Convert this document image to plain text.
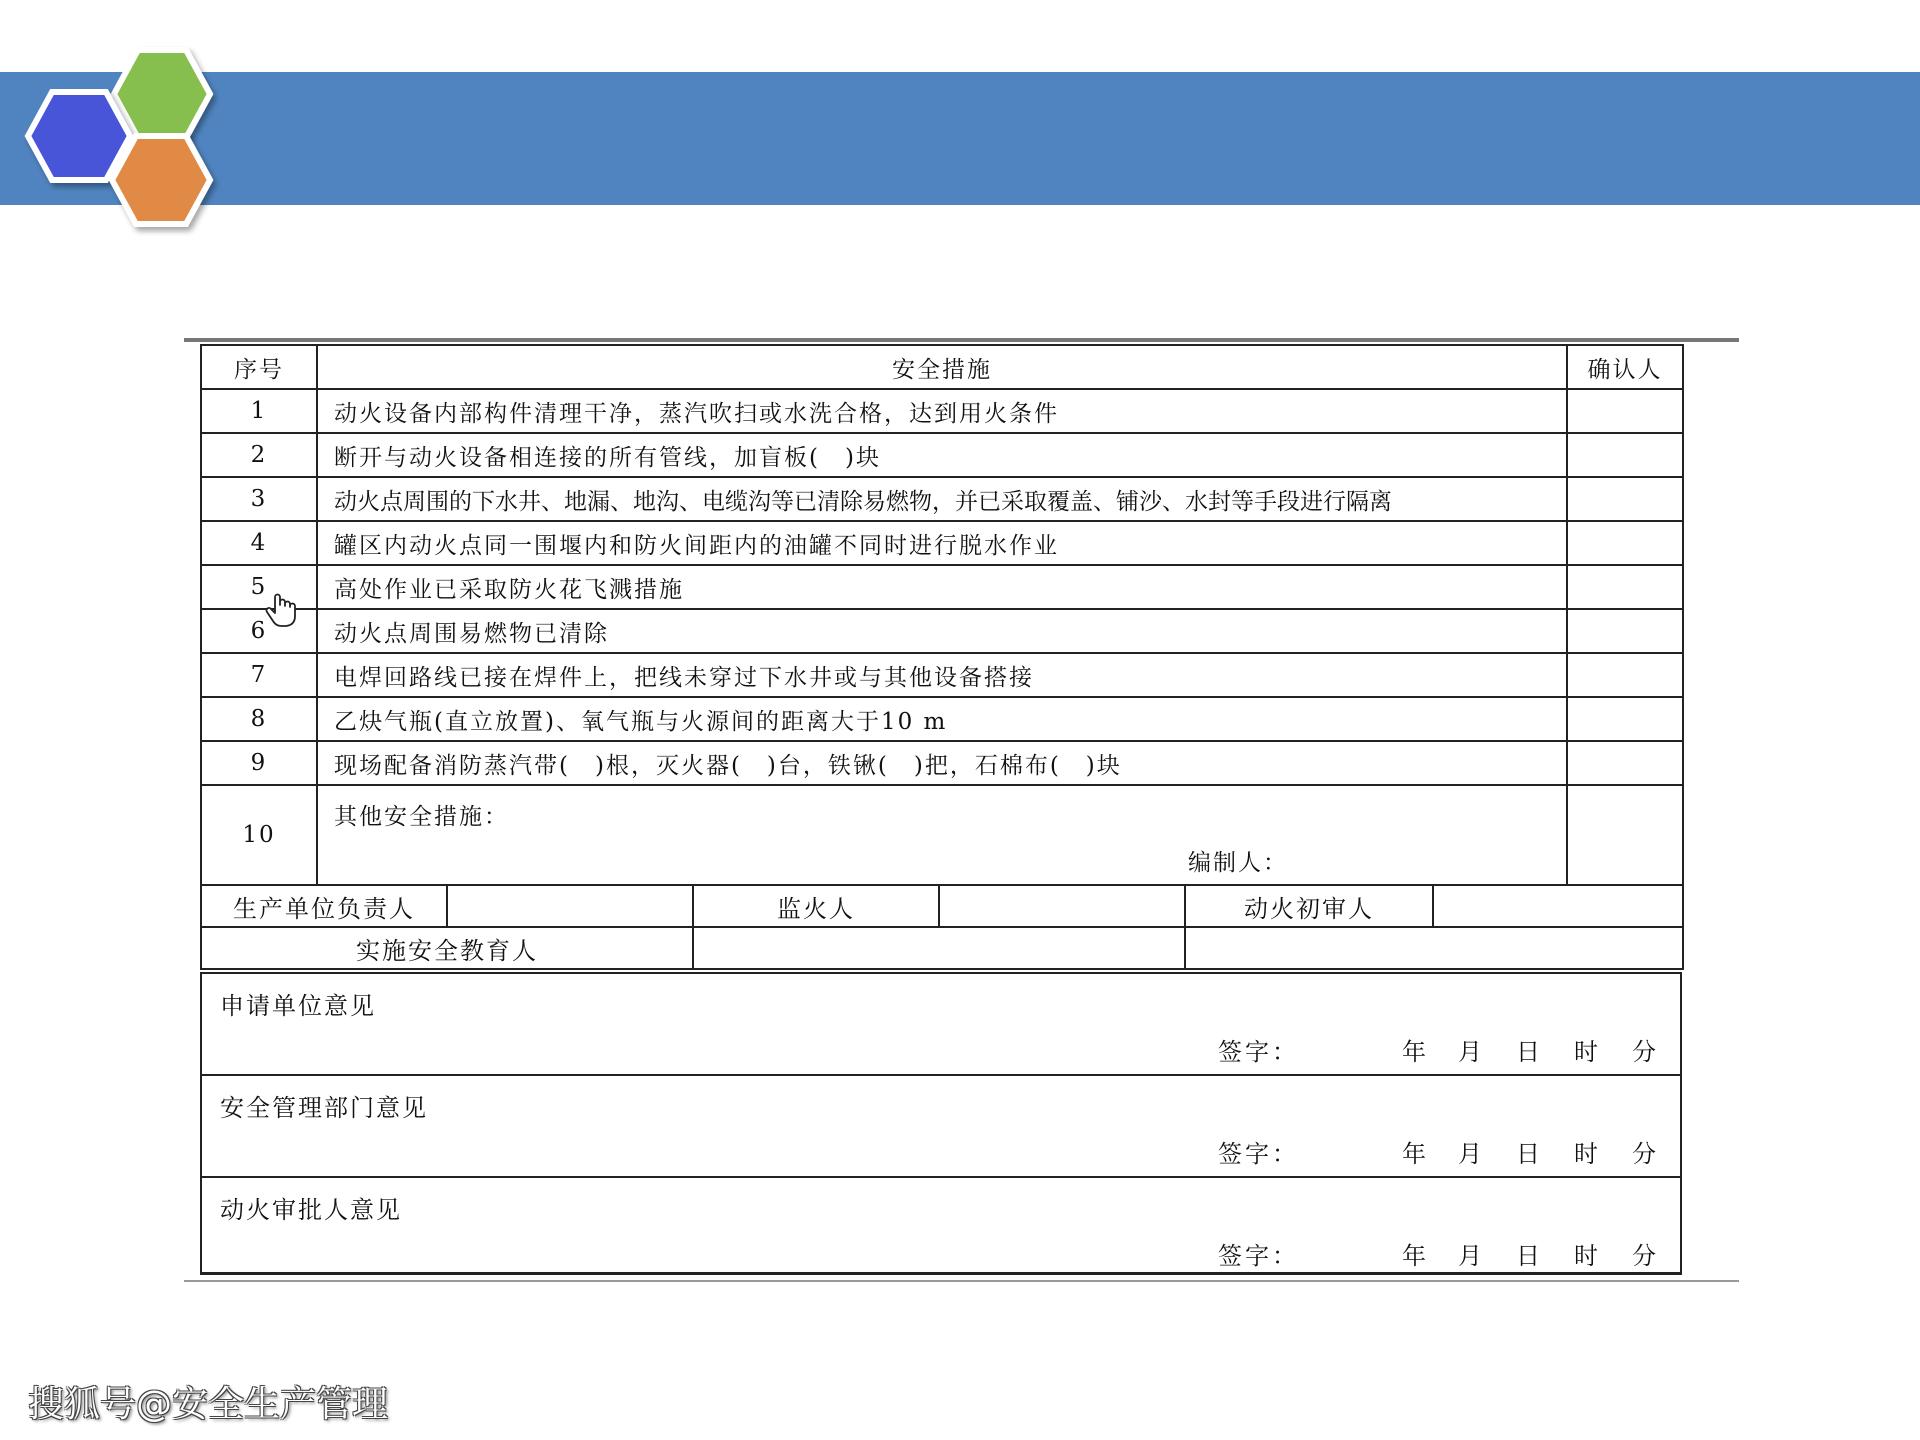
序号	安全措施	确认人
1	动火设备内部构件清理干净，蒸汽吹扫或水洗合格，达到用火条件	
2	断开与动火设备相连接的所有管线，加盲板(　)块	
3	动火点周围的下水井、地漏、地沟、电缆沟等已清除易燃物，并已采取覆盖、铺沙、水封等手段进行隔离	
4	罐区内动火点同一围堰内和防火间距内的油罐不同时进行脱水作业	
5	高处作业已采取防火花飞溅措施	
6	动火点周围易燃物已清除	
7	电焊回路线已接在焊件上，把线未穿过下水井或与其他设备搭接	
8	乙炔气瓶(直立放置)、氧气瓶与火源间的距离大于10 m	
9	现场配备消防蒸汽带(　)根，灭火器(　)台，铁锹(　)把，石棉布(　)块	
10	其他安全措施：
编制人：	

生产单位负责人		监火人		动火初审人	
实施安全教育人					
申请单位意见
签字：	年 月 日 时 分
安全管理部门意见
签字：	年 月 日 时 分
动火审批人意见
签字：	年 月 日 时 分
搜狐号@安全生产管理
